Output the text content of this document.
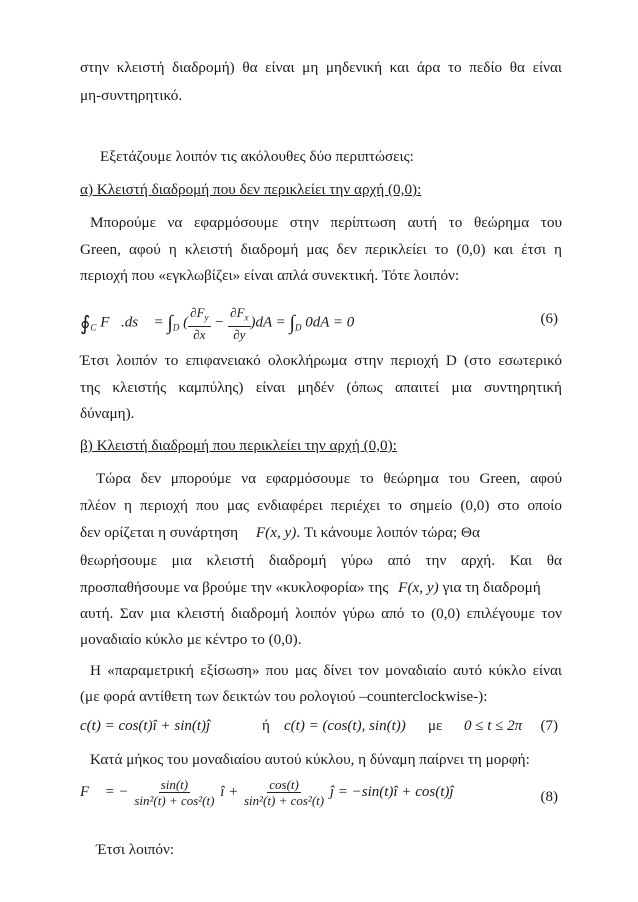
στην κλειστή διαδρομή) θα είναι μη μηδενική και άρα το πεδίο θα είναι
μη-συντηρητικό.
Εξετάζουμε λοιπόν τις ακόλουθες δύο περιπτώσεις:
α) Κλειστή διαδρομή που δεν περικλείει την αρχή (0,0):
Μπορούμε να εφαρμόσουμε στην περίπτωση αυτή το θεώρημα του
Green, αφού η κλειστή διαδρομή μας δεν περικλείει το (0,0) και έτσι η
περιοχή που «εγκλωβίζει» είναι απλά συνεκτική. Τότε λοιπόν:
$∮_C$ F⃗.ds⃗ = $\int_D$ ( $\frac{\partial F_y}{\partial x} - \frac{\partial F_x}{\partial y} )dA = \int_D$ 0dA = 0	(6)
Έτσι λοιπόν το επιφανειακό ολοκλήρωμα στην περιοχή D (στο εσωτερικό
της κλειστής καμπύλης) είναι μηδέν (όπως απαιτεί μια συντηρητική
δύναμη).
β) Κλειστή διαδρομή που περικλείει την αρχή (0,0):
Τώρα δεν μπορούμε να εφαρμόσουμε το θεώρημα του Green, αφού
πλέον η περιοχή που μας ενδιαφέρει περιέχει το σημείο (0,0) στο οποίο
δεν ορίζεται η συνάρτηση F(x, y). Τι κάνουμε λοιπόν τώρα; Θα
θεωρήσουμε μια κλειστή διαδρομή γύρω από την αρχή. Και θα
προσπαθήσουμε να βρούμε την «κυκλοφορία» της F(x, y) για τη διαδρομή
αυτή. Σαν μια κλειστή διαδρομή λοιπόν γύρω από το (0,0) επιλέγουμε τον
μοναδιαίο κύκλο με κέντρο το (0,0).
Η «παραμετρική εξίσωση» που μας δίνει τον μοναδιαίο αυτό κύκλο είναι
(με φορά αντίθετη των δεικτών του ρολογιού –counterclockwise-):
c(t) = cos(t)î + sin(t)ĵ	ή c(t) = (cos(t), sin(t)) με 0 ≤ t ≤ 2π (7)
Κατά μήκος του μοναδιαίου αυτού κύκλου, η δύναμη παίρνει τη μορφή:
F⃗ = − $\frac{\sin(t)}{\text{sin²(t) + cos²(t)}}$ î + $\frac{\cos(t)}{\text{sin²(t) + cos²(t)}}$ ĵ = −sin(t)î + cos(t)ĵ	(8)
Έτσι λοιπόν:
